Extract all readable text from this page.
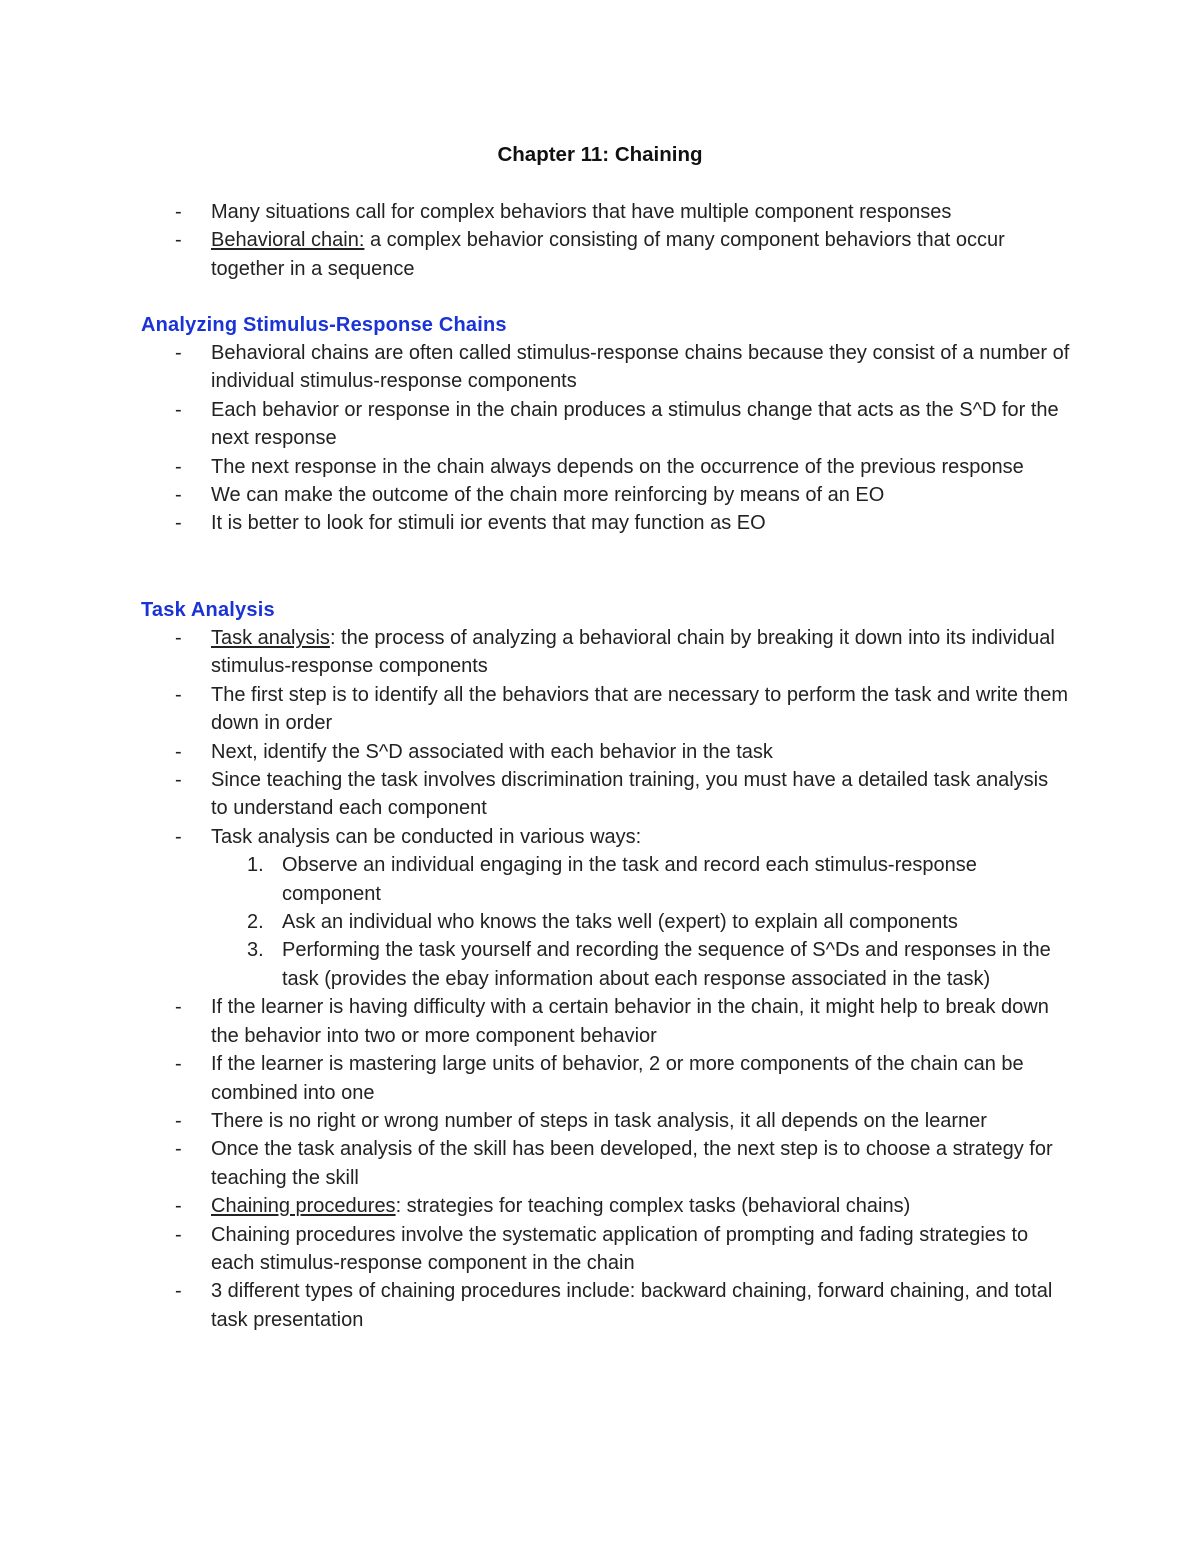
Chapter 11: Chaining
- Many situations call for complex behaviors that have multiple component responses
- Behavioral chain: a complex behavior consisting of many component behaviors that occur together in a sequence
Analyzing Stimulus-Response Chains
- Behavioral chains are often called stimulus-response chains because they consist of a number of individual stimulus-response components
- Each behavior or response in the chain produces a stimulus change that acts as the S^D for the next response
- The next response in the chain always depends on the occurrence of the previous response
- We can make the outcome of the chain more reinforcing by means of an EO
- It is better to look for stimuli ior events that may function as EO
Task Analysis
- Task analysis: the process of analyzing a behavioral chain by breaking it down into its individual stimulus-response components
- The first step is to identify all the behaviors that are necessary to perform the task and write them down in order
- Next, identify the S^D associated with each behavior in the task
- Since teaching the task involves discrimination training, you must have a detailed task analysis to understand each component
- Task analysis can be conducted in various ways:
1. Observe an individual engaging in the task and record each stimulus-response component
2. Ask an individual who knows the taks well (expert) to explain all components
3. Performing the task yourself and recording the sequence of S^Ds and responses in the task (provides the ebay information about each response associated in the task)
- If the learner is having difficulty with a certain behavior in the chain, it might help to break down the behavior into two or more component behavior
- If the learner is mastering large units of behavior, 2 or more components of the chain can be combined into one
- There is no right or wrong number of steps in task analysis, it all depends on the learner
- Once the task analysis of the skill has been developed, the next step is to choose a strategy for teaching the skill
- Chaining procedures: strategies for teaching complex tasks (behavioral chains)
- Chaining procedures involve the systematic application of prompting and fading strategies to each stimulus-response component in the chain
- 3 different types of chaining procedures include: backward chaining, forward chaining, and total task presentation
